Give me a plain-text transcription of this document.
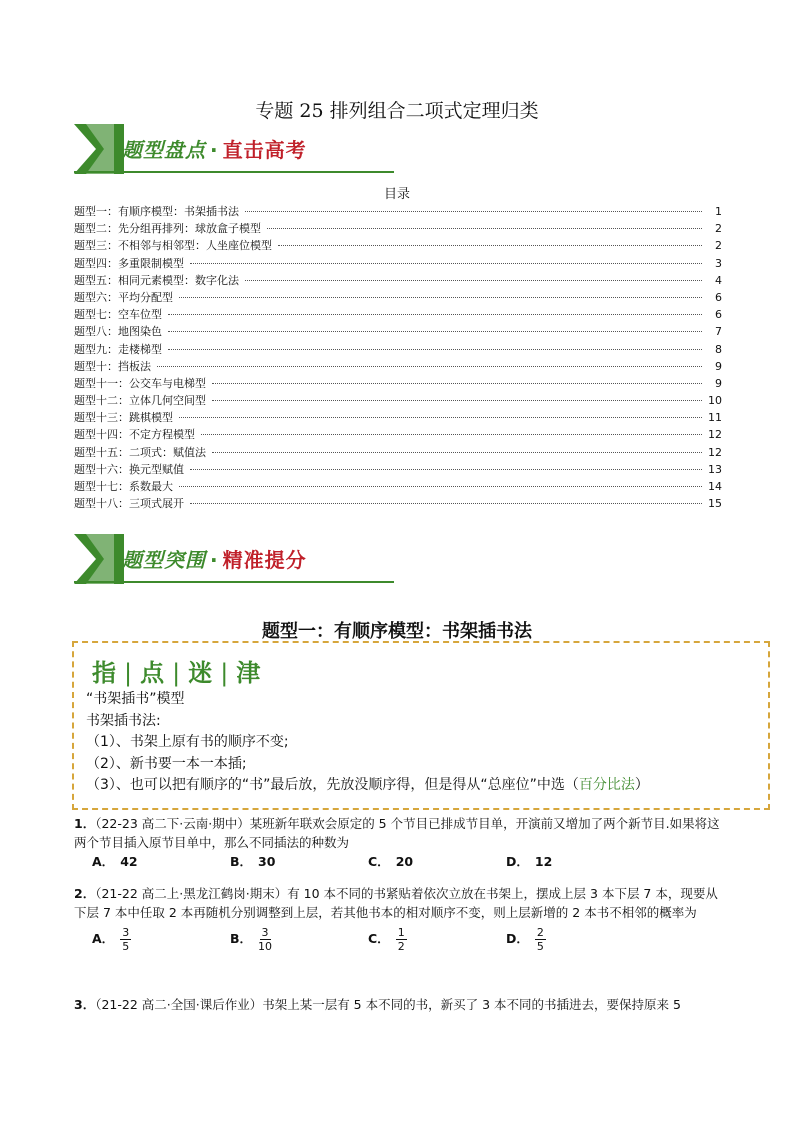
专题 25 排列组合二项式定理归类
题型盘点 · 直击高考
目录
题型一：有顺序模型：书架插书法	1
题型二：先分组再排列：球放盒子模型	2
题型三：不相邻与相邻型：人坐座位模型	2
题型四：多重限制模型	3
题型五：相同元素模型：数字化法	4
题型六：平均分配型	6
题型七：空车位型	6
题型八：地图染色	7
题型九：走楼梯型	8
题型十：挡板法	9
题型十一：公交车与电梯型	9
题型十二：立体几何空间型	10
题型十三：跳棋模型	11
题型十四：不定方程模型	12
题型十五：二项式：赋值法	12
题型十六：换元型赋值	13
题型十七：系数最大	14
题型十八：三项式展开	15
题型突围 · 精准提分
题型一：有顺序模型：书架插书法
指 | 点 | 迷 | 津
“书架插书”模型
书架插书法:
（1）、书架上原有书的顺序不变;
（2）、新书要一本一本插;
（3）、也可以把有顺序的“书”最后放，先放没顺序得，但是得从“总座位”中选（百分比法）
1．（22-23 高二下·云南·期中）某班新年联欢会原定的 5 个节目已排成节目单，开演前又增加了两个新节目.如果将这两个节目插入原节目单中，那么不同插法的种数为
A． 42	B． 30	C． 20	D． 12
2．（21-22 高二上·黑龙江鹤岗·期末）有 10 本不同的书紧贴着依次立放在书架上，摆成上层 3 本下层 7 本，现要从下层 7 本中任取 2 本再随机分别调整到上层，若其他书本的相对顺序不变，则上层新增的 2 本书不相邻的概率为
A． $\frac{3}{5}$	B． $\frac{3}{10}$	C． $\frac{1}{2}$	D． $\frac{2}{5}$
3．（21-22 高二·全国·课后作业）书架上某一层有 5 本不同的书，新买了 3 本不同的书插进去，要保持原来 5
